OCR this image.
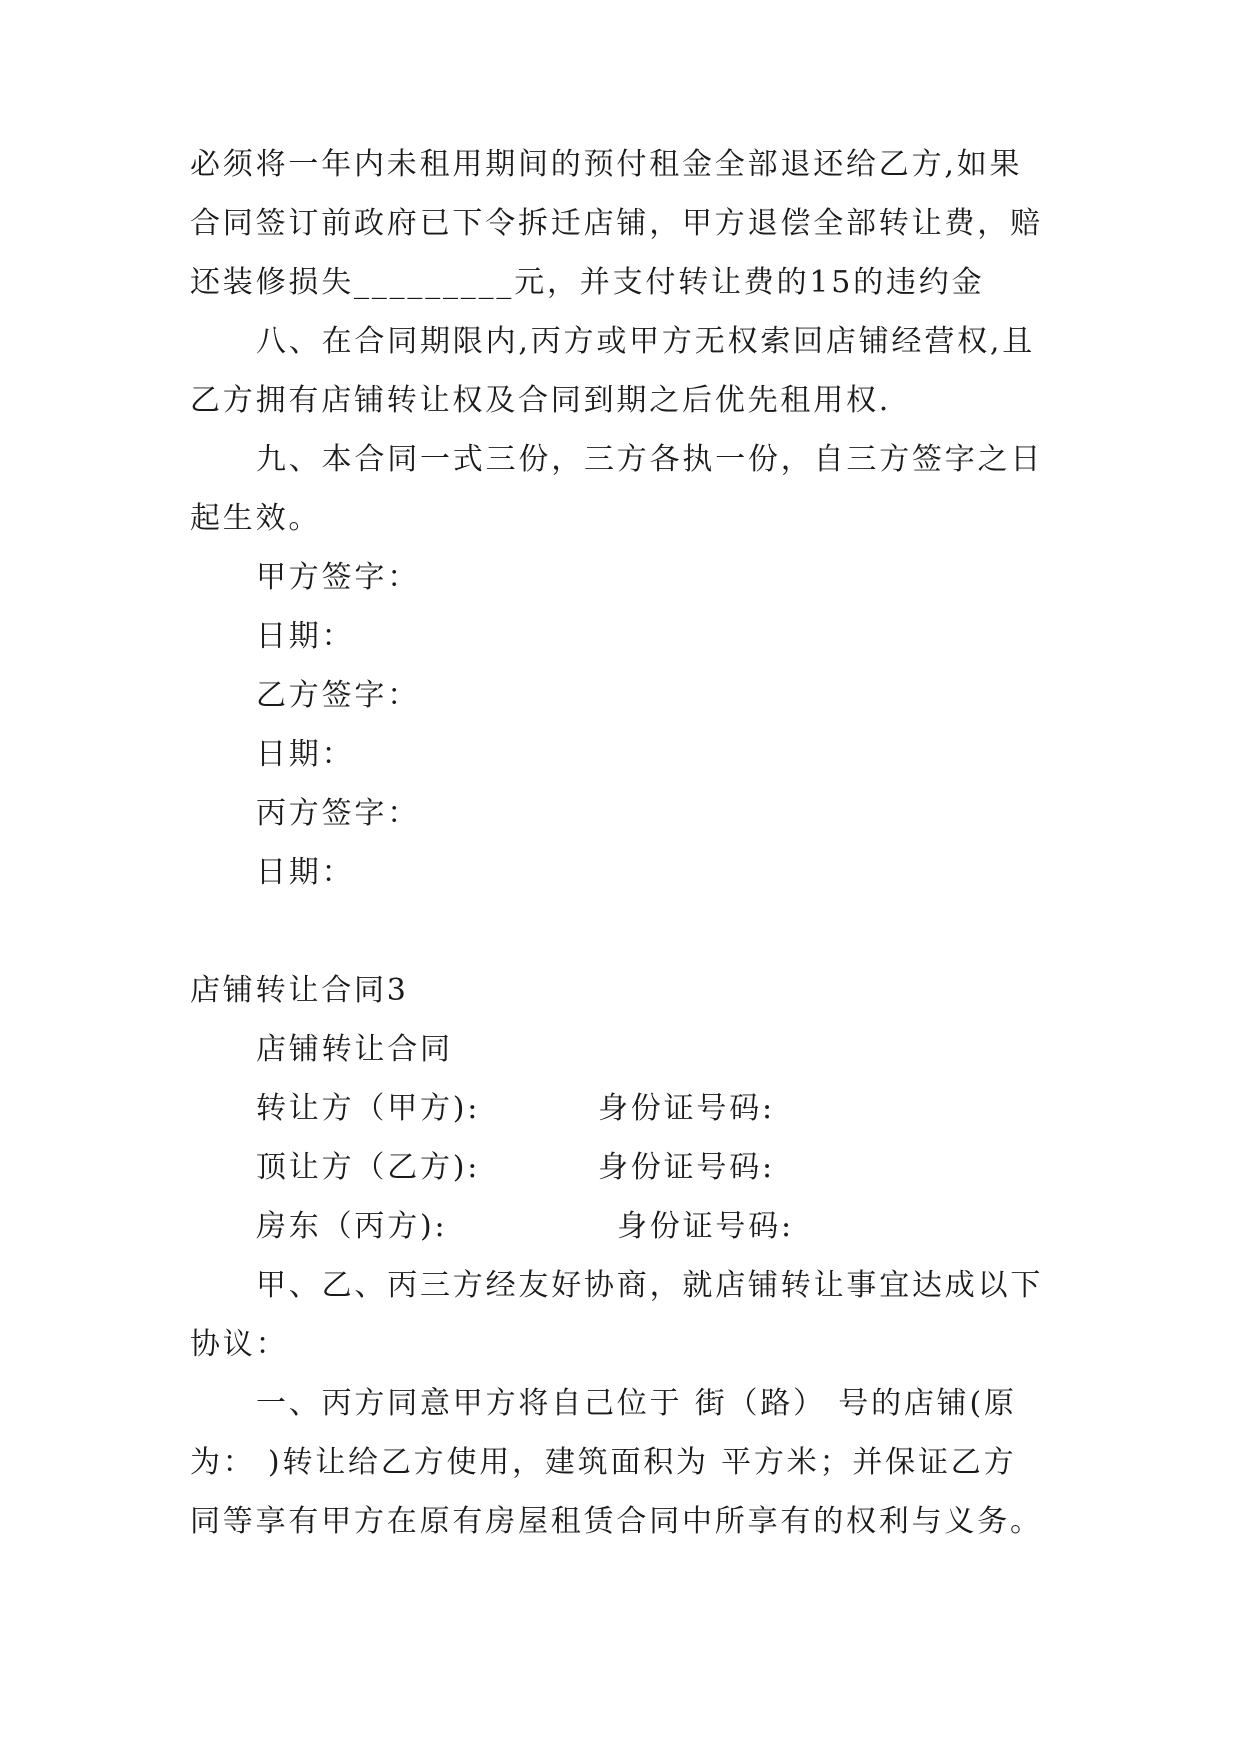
必须将一年内未租用期间的预付租金全部退还给乙方,如果
合同签订前政府已下令拆迁店铺，甲方退偿全部转让费，赔
还装修损失_________元，并支付转让费的15的违约金
八、在合同期限内,丙方或甲方无权索回店铺经营权,且
乙方拥有店铺转让权及合同到期之后优先租用权.
九、本合同一式三份，三方各执一份，自三方签字之日
起生效。
甲方签字：
日期：
乙方签字：
日期：
丙方签字：
日期：
店铺转让合同3
店铺转让合同
转让方（甲方):	身份证号码:
顶让方（乙方):	身份证号码:
房东（丙方):	身份证号码:
甲、乙、丙三方经友好协商，就店铺转让事宜达成以下
协议：
一、丙方同意甲方将自己位于 街（路） 号的店铺(原
为： )转让给乙方使用，建筑面积为 平方米；并保证乙方
同等享有甲方在原有房屋租赁合同中所享有的权利与义务。
